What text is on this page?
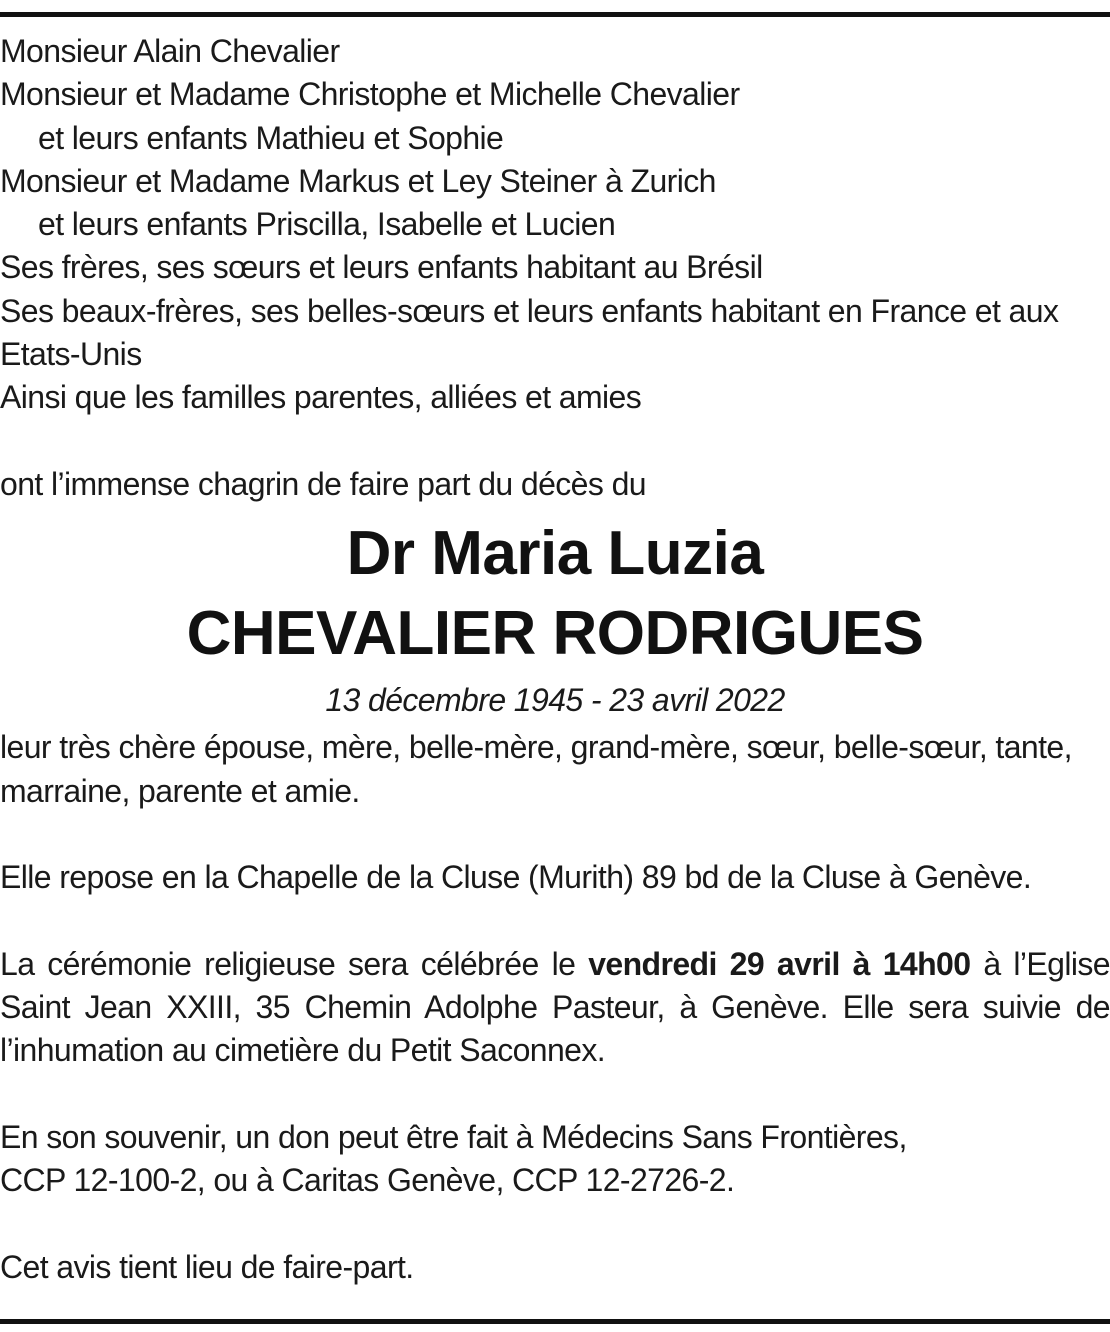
Monsieur Alain Chevalier
Monsieur et Madame Christophe et Michelle Chevalier
et leurs enfants Mathieu et Sophie
Monsieur et Madame Markus et Ley Steiner à Zurich
et leurs enfants Priscilla, Isabelle et Lucien
Ses frères, ses sœurs et leurs enfants habitant au Brésil
Ses beaux-frères, ses belles-sœurs et leurs enfants habitant en France et aux Etats-Unis
Ainsi que les familles parentes, alliées et amies
ont l’immense chagrin de faire part du décès du
Dr Maria Luzia
CHEVALIER RODRIGUES
13 décembre 1945 - 23 avril 2022
leur très chère épouse, mère, belle-mère, grand-mère, sœur, belle-sœur, tante, marraine, parente et amie.
Elle repose en la Chapelle de la Cluse (Murith) 89 bd de la Cluse à Genève.
La cérémonie religieuse sera célébrée le vendredi 29 avril à 14h00 à l’Eglise Saint Jean XXIII, 35 Chemin Adolphe Pasteur, à Genève. Elle sera suivie de l’inhumation au cimetière du Petit Saconnex.
En son souvenir, un don peut être fait à Médecins Sans Frontières,
CCP 12-100-2, ou à Caritas Genève, CCP 12-2726-2.
Cet avis tient lieu de faire-part.
